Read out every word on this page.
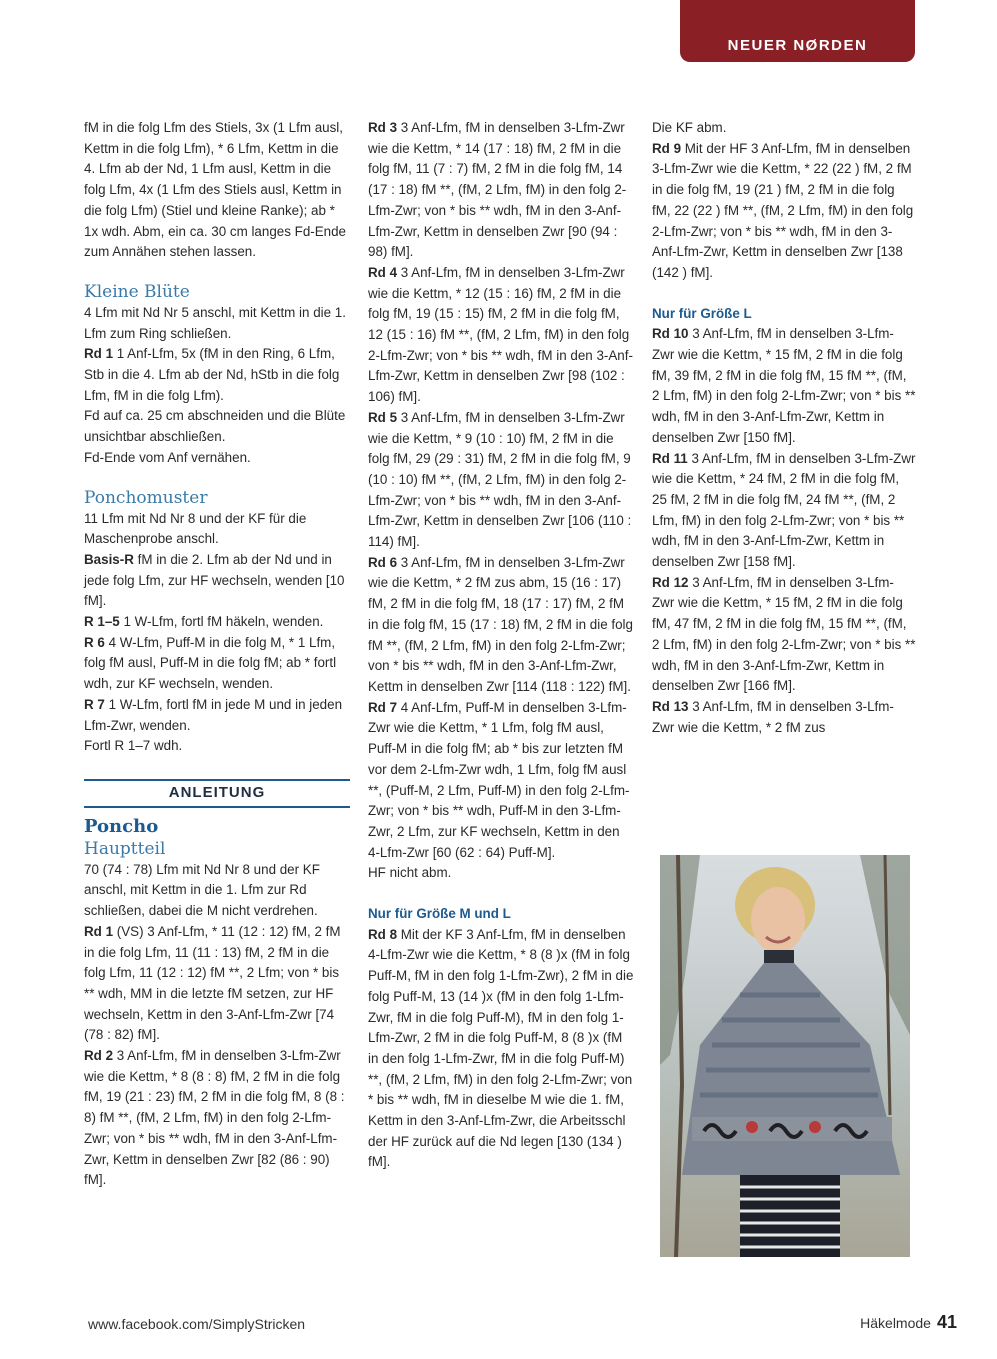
NEUER NØRDEN

fM in die folg Lfm des Stiels, 3x (1 Lfm ausl, Kettm in die folg Lfm), * 6 Lfm, Kettm in die 4. Lfm ab der Nd, 1 Lfm ausl, Kettm in die folg Lfm, 4x (1 Lfm des Stiels ausl, Kettm in die folg Lfm) (Stiel und kleine Ranke); ab * 1x wdh. Abm, ein ca. 30 cm langes Fd-Ende zum Annähen stehen lassen.

Kleine Blüte

4 Lfm mit Nd Nr 5 anschl, mit Kettm in die 1. Lfm zum Ring schließen.

Rd 1 1 Anf-Lfm, 5x (fM in den Ring, 6 Lfm, Stb in die 4. Lfm ab der Nd, hStb in die folg Lfm, fM in die folg Lfm).

Fd auf ca. 25 cm abschneiden und die Blüte unsichtbar abschließen.

Fd-Ende vom Anf vernähen.

Ponchomuster

11 Lfm mit Nd Nr 8 und der KF für die Maschenprobe anschl.

Basis-R fM in die 2. Lfm ab der Nd und in jede folg Lfm, zur HF wechseln, wenden [10 fM].

R 1–5 1 W-Lfm, fortl fM häkeln, wenden.

R 6 4 W-Lfm, Puff-M in die folg M, * 1 Lfm, folg fM ausl, Puff-M in die folg fM; ab * fortl wdh, zur KF wechseln, wenden.

R 7 1 W-Lfm, fortl fM in jede M und in jeden Lfm-Zwr, wenden.

Fortl R 1–7 wdh.

ANLEITUNG
Poncho
Hauptteil

70 (74 : 78) Lfm mit Nd Nr 8 und der KF anschl, mit Kettm in die 1. Lfm zur Rd schließen, dabei die M nicht verdrehen.

Rd 1 (VS) 3 Anf-Lfm, * 11 (12 : 12) fM, 2 fM in die folg Lfm, 11 (11 : 13) fM, 2 fM in die folg Lfm, 11 (12 : 12) fM **, 2 Lfm; von * bis ** wdh, MM in die letzte fM setzen, zur HF wechseln, Kettm in den 3-Anf-Lfm-Zwr [74 (78 : 82) fM].

Rd 2 3 Anf-Lfm, fM in denselben 3-Lfm-Zwr wie die Kettm, * 8 (8 : 8) fM, 2 fM in die folg fM, 19 (21 : 23) fM, 2 fM in die folg fM, 8 (8 : 8) fM **, (fM, 2 Lfm, fM) in den folg 2-Lfm-Zwr; von * bis ** wdh, fM in den 3-Anf-Lfm-Zwr, Kettm in denselben Zwr [82 (86 : 90) fM].

Rd 3 3 Anf-Lfm, fM in denselben 3-Lfm-Zwr wie die Kettm, * 14 (17 : 18) fM, 2 fM in die folg fM, 11 (7 : 7) fM, 2 fM in die folg fM, 14 (17 : 18) fM **, (fM, 2 Lfm, fM) in den folg 2-Lfm-Zwr; von * bis ** wdh, fM in den 3-Anf-Lfm-Zwr, Kettm in denselben Zwr [90 (94 : 98) fM].

Rd 4 3 Anf-Lfm, fM in denselben 3-Lfm-Zwr wie die Kettm, * 12 (15 : 16) fM, 2 fM in die folg fM, 19 (15 : 15) fM, 2 fM in die folg fM, 12 (15 : 16) fM **, (fM, 2 Lfm, fM) in den folg 2-Lfm-Zwr; von * bis ** wdh, fM in den 3-Anf-Lfm-Zwr, Kettm in denselben Zwr [98 (102 : 106) fM].

Rd 5 3 Anf-Lfm, fM in denselben 3-Lfm-Zwr wie die Kettm, * 9 (10 : 10) fM, 2 fM in die folg fM, 29 (29 : 31) fM, 2 fM in die folg fM, 9 (10 : 10) fM **, (fM, 2 Lfm, fM) in den folg 2-Lfm-Zwr; von * bis ** wdh, fM in den 3-Anf-Lfm-Zwr, Kettm in denselben Zwr [106 (110 : 114) fM].

Rd 6 3 Anf-Lfm, fM in denselben 3-Lfm-Zwr wie die Kettm, * 2 fM zus abm, 15 (16 : 17) fM, 2 fM in die folg fM, 18 (17 : 17) fM, 2 fM in die folg fM, 15 (17 : 18) fM, 2 fM in die folg fM **, (fM, 2 Lfm, fM) in den folg 2-Lfm-Zwr; von * bis ** wdh, fM in den 3-Anf-Lfm-Zwr, Kettm in denselben Zwr [114 (118 : 122) fM].

Rd 7 4 Anf-Lfm, Puff-M in denselben 3-Lfm-Zwr wie die Kettm, * 1 Lfm, folg fM ausl, Puff-M in die folg fM; ab * bis zur letzten fM vor dem 2-Lfm-Zwr wdh, 1 Lfm, folg fM ausl **, (Puff-M, 2 Lfm, Puff-M) in den folg 2-Lfm-Zwr; von * bis ** wdh, Puff-M in den 3-Lfm-Zwr, 2 Lfm, zur KF wechseln, Kettm in den 4-Lfm-Zwr [60 (62 : 64) Puff-M].

HF nicht abm.

Nur für Größe M und L

Rd 8 Mit der KF 3 Anf-Lfm, fM in denselben 4-Lfm-Zwr wie die Kettm, * 8 (8 )x (fM in folg Puff-M, fM in den folg 1-Lfm-Zwr), 2 fM in die folg Puff-M, 13 (14 )x (fM in den folg 1-Lfm-Zwr, fM in die folg Puff-M), fM in den folg 1-Lfm-Zwr, 2 fM in die folg Puff-M, 8 (8 )x (fM in den folg 1-Lfm-Zwr, fM in die folg Puff-M) **, (fM, 2 Lfm, fM) in den folg 2-Lfm-Zwr; von * bis ** wdh, fM in dieselbe M wie die 1. fM, Kettm in den 3-Anf-Lfm-Zwr, die Arbeitsschl der HF zurück auf die Nd legen [130 (134 ) fM].

Die KF abm.

Rd 9 Mit der HF 3 Anf-Lfm, fM in denselben 3-Lfm-Zwr wie die Kettm, * 22 (22 ) fM, 2 fM in die folg fM, 19 (21 ) fM, 2 fM in die folg fM, 22 (22 ) fM **, (fM, 2 Lfm, fM) in den folg 2-Lfm-Zwr; von * bis ** wdh, fM in den 3-Anf-Lfm-Zwr, Kettm in denselben Zwr [138 (142 ) fM].

Nur für Größe L

Rd 10 3 Anf-Lfm, fM in denselben 3-Lfm-Zwr wie die Kettm, * 15 fM, 2 fM in die folg fM, 39 fM, 2 fM in die folg fM, 15 fM **, (fM, 2 Lfm, fM) in den folg 2-Lfm-Zwr; von * bis ** wdh, fM in den 3-Anf-Lfm-Zwr, Kettm in denselben Zwr [150 fM].

Rd 11 3 Anf-Lfm, fM in denselben 3-Lfm-Zwr wie die Kettm, * 24 fM, 2 fM in die folg fM, 25 fM, 2 fM in die folg fM, 24 fM **, (fM, 2 Lfm, fM) in den folg 2-Lfm-Zwr; von * bis ** wdh, fM in den 3-Anf-Lfm-Zwr, Kettm in denselben Zwr [158 fM].

Rd 12 3 Anf-Lfm, fM in denselben 3-Lfm-Zwr wie die Kettm, * 15 fM, 2 fM in die folg fM, 47 fM, 2 fM in die folg fM, 15 fM **, (fM, 2 Lfm, fM) in den folg 2-Lfm-Zwr; von * bis ** wdh, fM in den 3-Anf-Lfm-Zwr, Kettm in denselben Zwr [166 fM].

Rd 13 3 Anf-Lfm, fM in denselben 3-Lfm-Zwr wie die Kettm, * 2 fM zus

www.facebook.com/SimplyStricken	Häkelmode 41
